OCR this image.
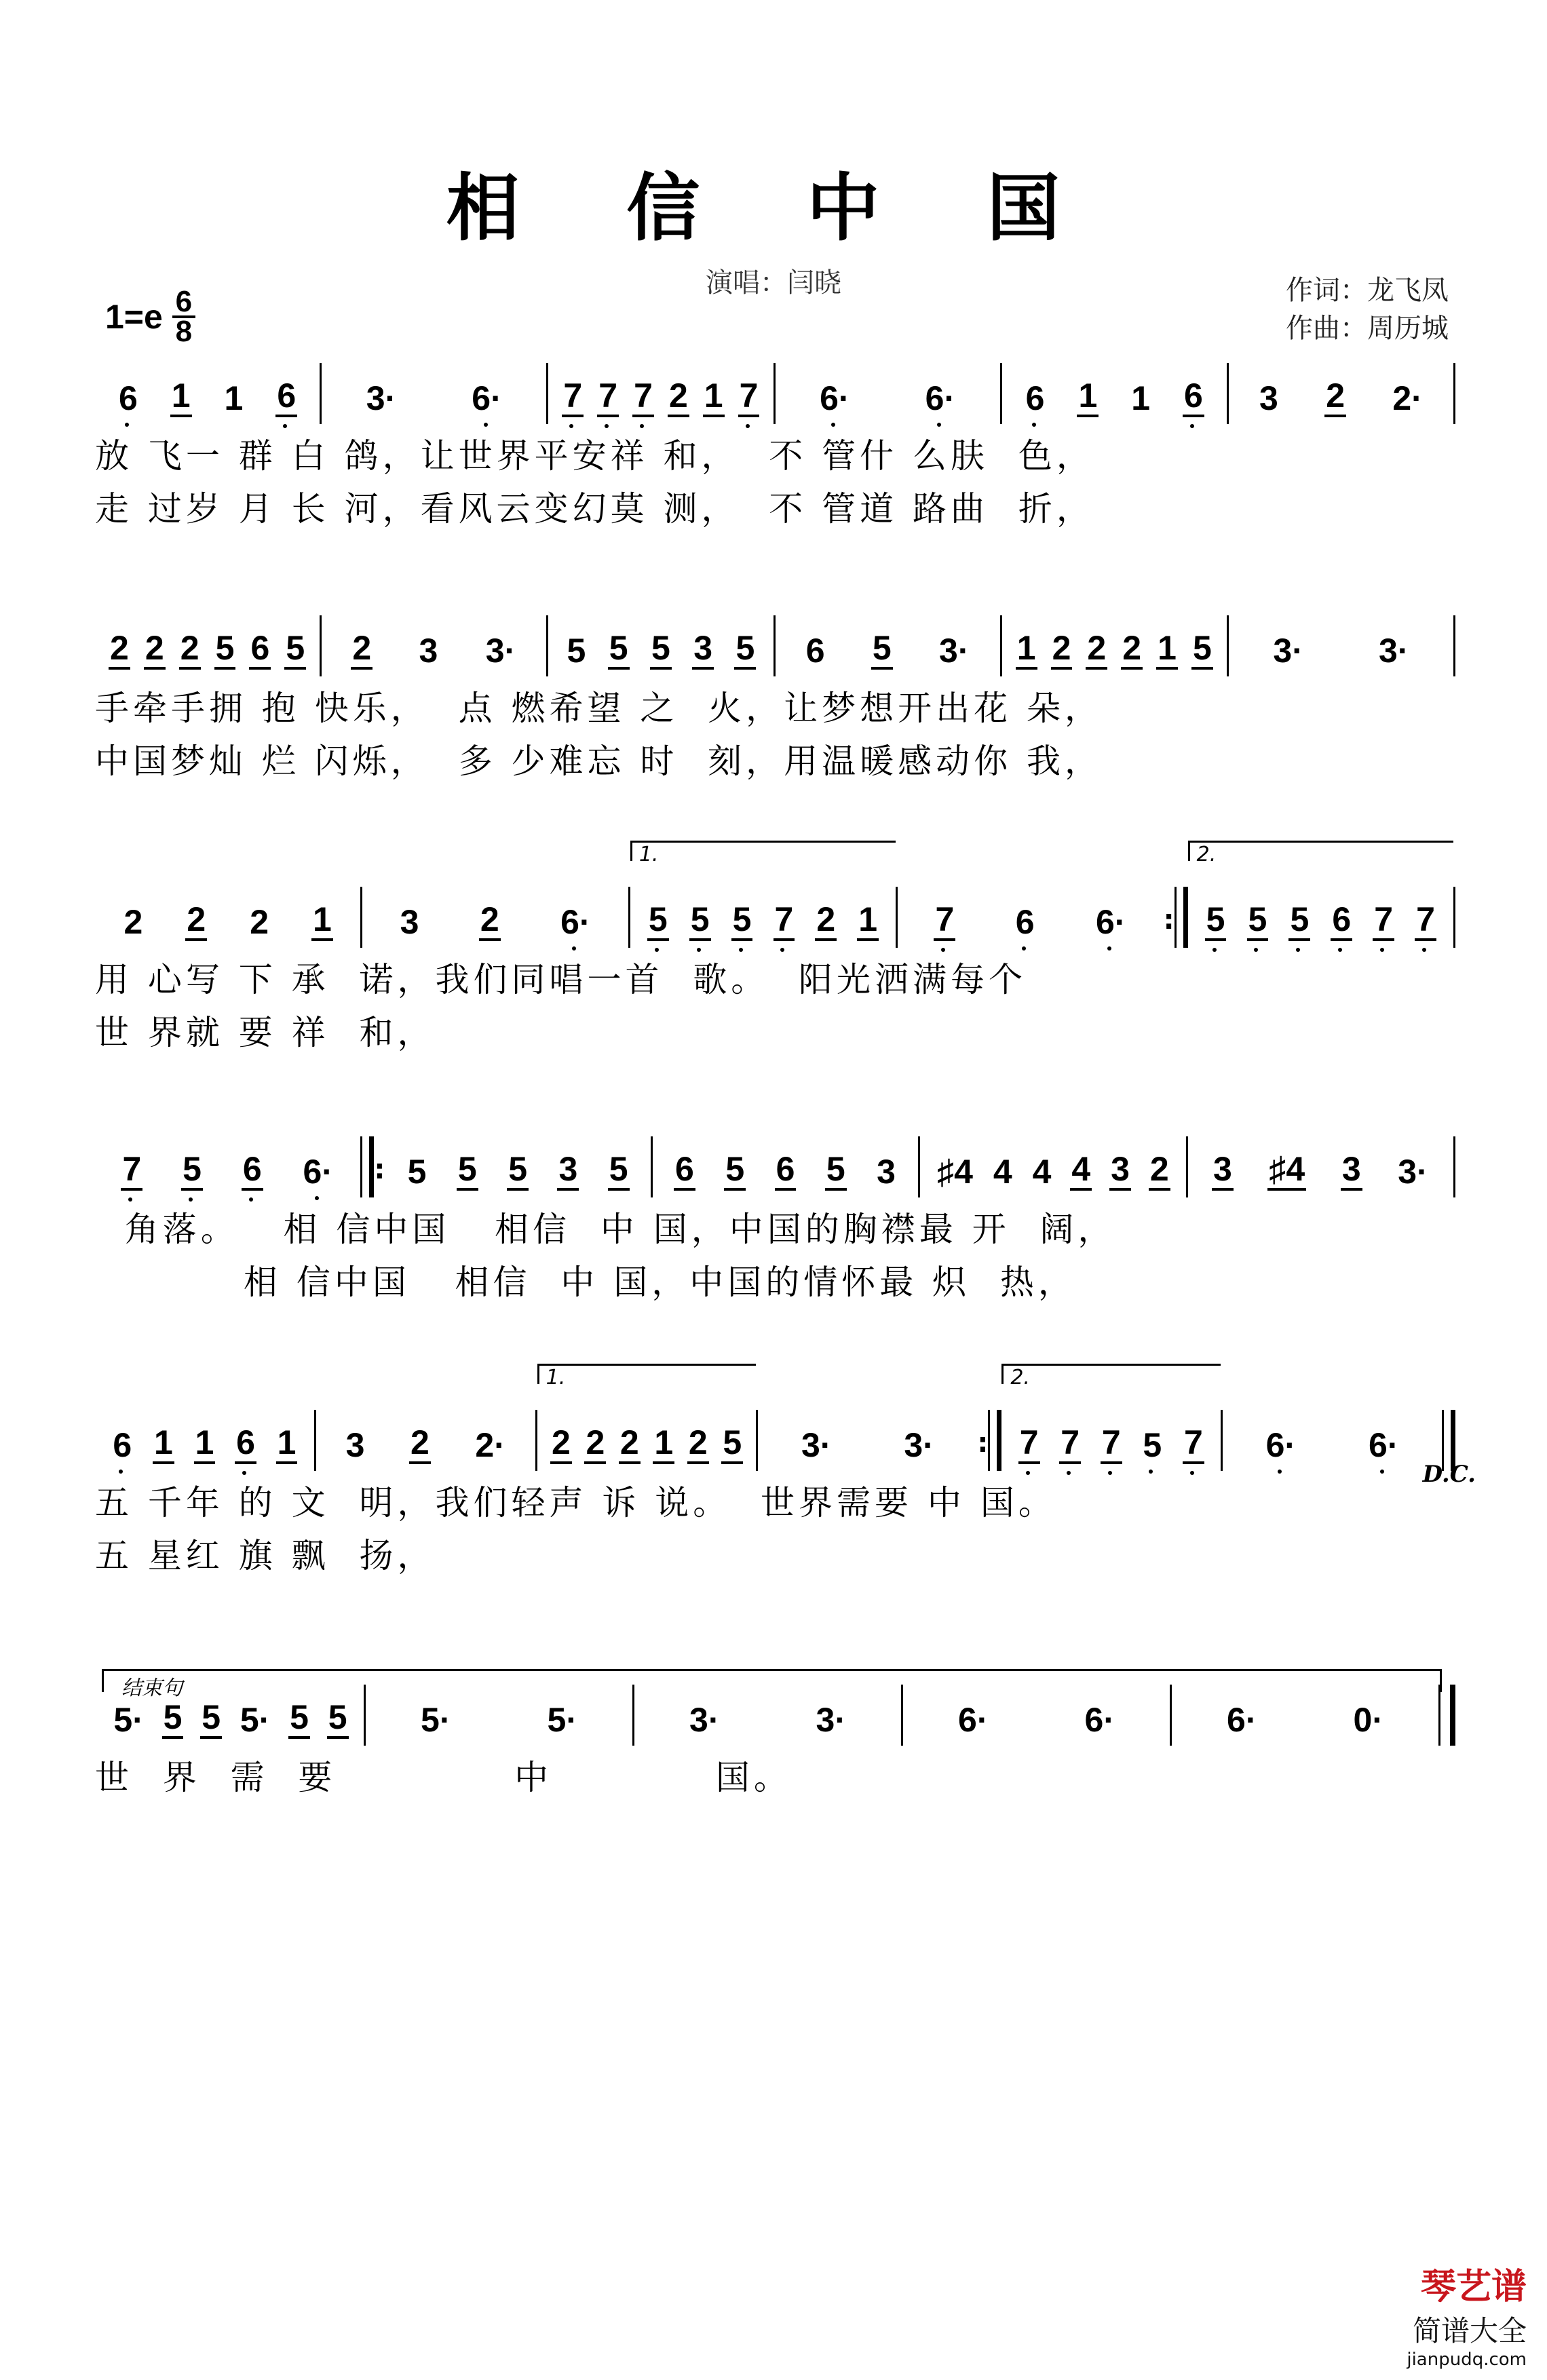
相 信 中 国
演唱：闫晓	作词：龙飞凤
作曲：周历城
$1=e \frac{6}{8}$
6 1 1 6 3· 6· 7 7 7 2 1 7 6· 6· 6 1 1 6 3 2 2·
放 飞一 群 白 鸽，让世界平安祥 和，  不 管什 么肤  色，
走 过岁 月 长 河，看风云变幻莫 测，  不 管道 路曲  折，
2 2 2 5 6 5 2 3 3· 5 5 5 3 5 6 5 3· 1 2 2 2 1 5 3· 3·
手牵手拥 抱 快乐，  点 燃希望 之  火，让梦想开出花 朵，
中国梦灿 烂 闪烁，  多 少难忘 时  刻，用温暖感动你 我，
2 2 2 1 3 2 6·
1.
5 5 5 7 2 1 7 6 6· :
2.
5 5 5 6 7 7
用 心写 下 承  诺，我们同唱一首  歌。  阳光洒满每个
世 界就 要 祥  和，
7 5 6 6· : 5 5 5 3 5 6 5 6 5 3 ♯4 4 4 4 3 2 3 ♯4 3 3·
角落。   相 信中国   相信  中 国，中国的胸襟最 开  阔，
相 信中国   相信  中 国，中国的情怀最 炽  热，
6 1 1 6 1 3 2 2·
1.
2 2 2 1 2 5 3· 3· :
2.
7 7 7 5 7 6· 6·
D.C.
五 千年 的 文  明，我们轻声 诉 说。  世界需要 中 国。
五 星红 旗 飘  扬，
5· 5 5 5· 5 5 5·	5·	3·	3·	6·	6·	6·	0·
世  界  需  要            中           国。
结束句
琴艺谱
简谱大全
jianpudq.com
